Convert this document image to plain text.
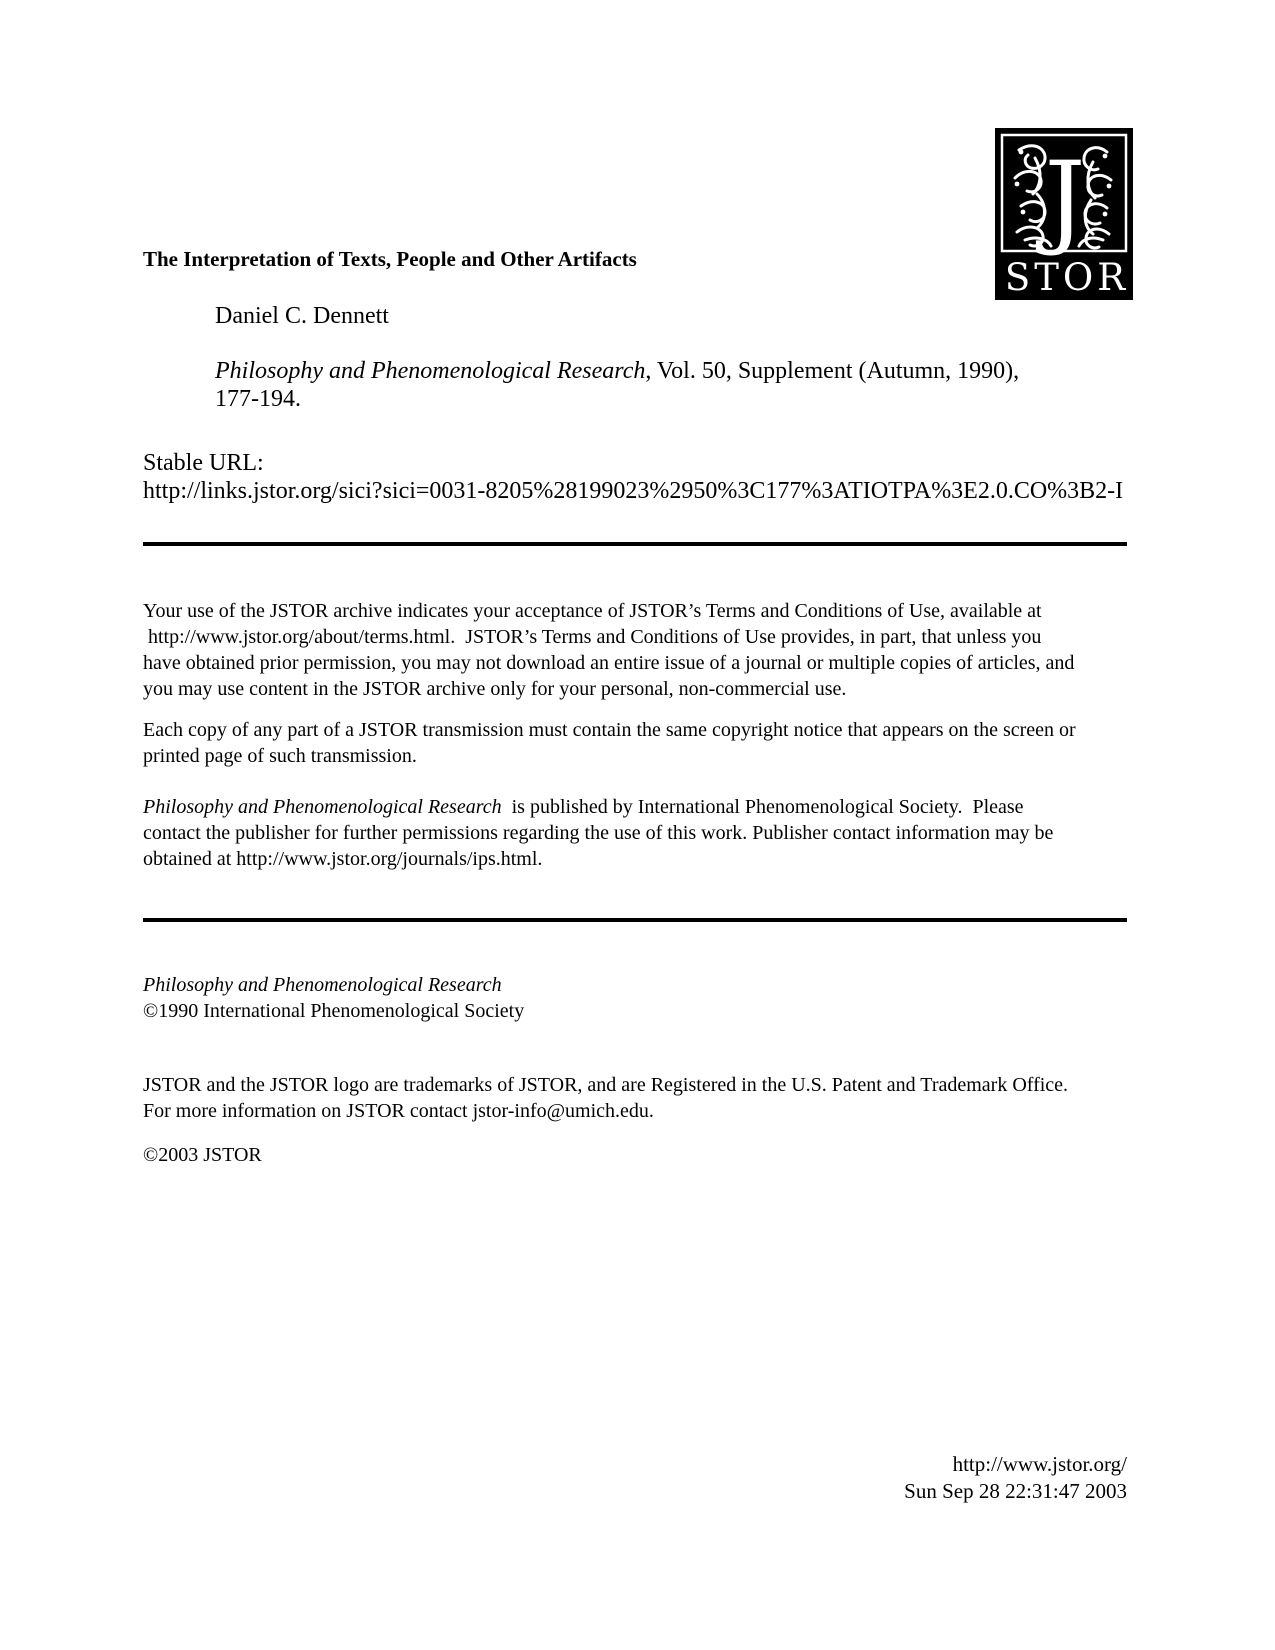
J
STOR
The Interpretation of Texts, People and Other Artifacts
Daniel C. Dennett
Philosophy and Phenomenological Research, Vol. 50, Supplement (Autumn, 1990),
177-194.
Stable URL:
http://links.jstor.org/sici?sici=0031-8205%28199023%2950%3C177%3ATIOTPA%3E2.0.CO%3B2-I
Your use of the JSTOR archive indicates your acceptance of JSTOR’s Terms and Conditions of Use, available at
http://www.jstor.org/about/terms.html.  JSTOR’s Terms and Conditions of Use provides, in part, that unless you
have obtained prior permission, you may not download an entire issue of a journal or multiple copies of articles, and
you may use content in the JSTOR archive only for your personal, non-commercial use.
Each copy of any part of a JSTOR transmission must contain the same copyright notice that appears on the screen or
printed page of such transmission.
Philosophy and Phenomenological Research  is published by International Phenomenological Society.  Please
contact the publisher for further permissions regarding the use of this work. Publisher contact information may be
obtained at http://www.jstor.org/journals/ips.html.
Philosophy and Phenomenological Research
©1990 International Phenomenological Society
JSTOR and the JSTOR logo are trademarks of JSTOR, and are Registered in the U.S. Patent and Trademark Office.
For more information on JSTOR contact jstor-info@umich.edu.
©2003 JSTOR
http://www.jstor.org/
Sun Sep 28 22:31:47 2003
